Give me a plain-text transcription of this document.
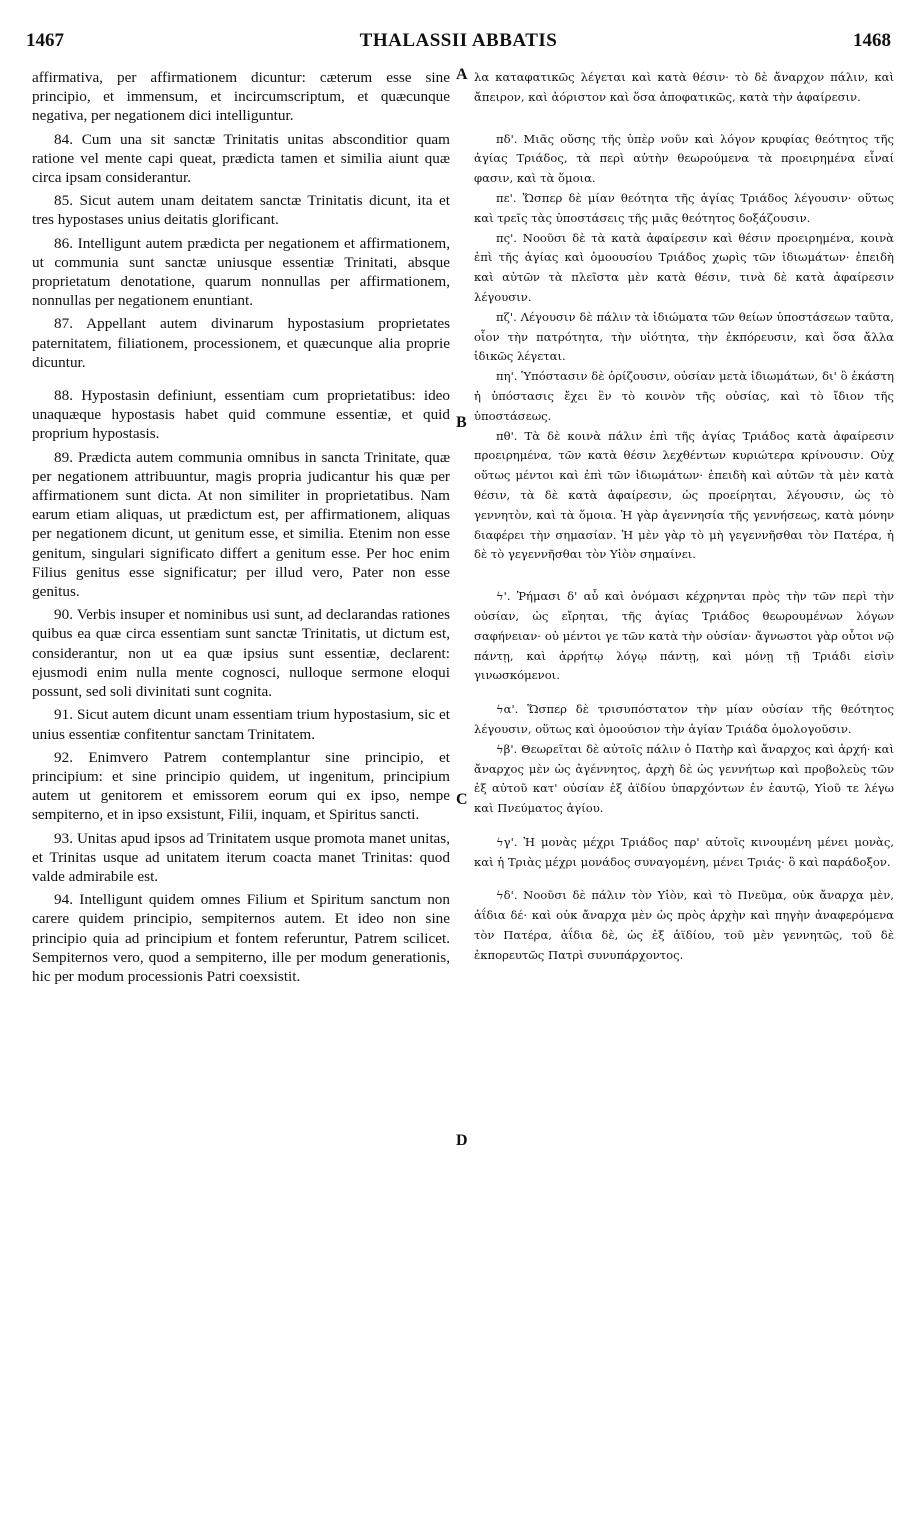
1467	THALASSII ABBATIS	1468

affirmativa, per affirmationem dicuntur: cæterum esse sine principio, et immensum, et incircumscriptum, et quæcunque negativa, per negationem dici intelliguntur.

84. Cum una sit sanctæ Trinitatis unitas absconditior quam ratione vel mente capi queat, prædicta tamen et similia aiunt quæ circa ipsam considerantur.

85. Sicut autem unam deitatem sanctæ Trinitatis dicunt, ita et tres hypostases unius deitatis glorificant.

86. Intelligunt autem prædicta per negationem et affirmationem, ut communia sunt sanctæ uniusque essentiæ Trinitati, absque proprietatum denotatione, quarum nonnullas per affirmationem, nonnullas per negationem enuntiant.

87. Appellant autem divinarum hypostasium proprietates paternitatem, filiationem, processionem, et quæcunque alia proprie dicuntur.

88. Hypostasin definiunt, essentiam cum proprietatibus: ideo unaquæque hypostasis habet quid commune essentiæ, et quid proprium hypostasis.

89. Prædicta autem communia omnibus in sancta Trinitate, quæ per negationem attribuuntur, magis propria judicantur his quæ per affirmationem sunt dicta. At non similiter in proprietatibus. Nam earum etiam aliquas, ut prædictum est, per affirmationem, aliquas per negationem dicunt, ut genitum esse, et similia. Etenim non esse genitum, singulari significato differt a genitum esse. Per hoc enim Filius genitus esse significatur; per illud vero, Pater non esse genitus.

90. Verbis insuper et nominibus usi sunt, ad declarandas rationes quibus ea quæ circa essentiam sunt sanctæ Trinitatis, ut dictum est, considerantur, non ut ea quæ ipsius sunt essentiæ, declarent: ejusmodi enim nulla mente cognosci, nulloque sermone eloqui possunt, sed soli divinitati sunt cognita.

91. Sicut autem dicunt unam essentiam trium hypostasium, sic et unius essentiæ confitentur sanctam Trinitatem.

92. Enimvero Patrem contemplantur sine principio, et principium: et sine principio quidem, ut ingenitum, principium autem ut genitorem et emissorem eorum qui ex ipso, nempe sempiterno, et in ipso exsistunt, Filii, inquam, et Spiritus sancti.

93. Unitas apud ipsos ad Trinitatem usque promota manet unitas, et Trinitas usque ad unitatem iterum coacta manet Trinitas: quod valde admirabile est.

94. Intelligunt quidem omnes Filium et Spiritum sanctum non carere quidem principio, sempiternos autem. Et ideo non sine principio quia ad principium et fontem referuntur, Patrem scilicet. Sempiternos vero, quod a sempiterno, ille per modum generationis, hic per modum processionis Patri coexsistit.

A
B
C
D

λα καταφατικῶς λέγεται καὶ κατὰ θέσιν· τὸ δὲ ἄναρχον πάλιν, καὶ ἄπειρον, καὶ ἀόριστον καὶ ὅσα ἀποφατικῶς, κατὰ τὴν ἀφαίρεσιν.

πδ'. Μιᾶς οὔσης τῆς ὑπὲρ νοῦν καὶ λόγον κρυφίας θεότητος τῆς ἁγίας Τριάδος, τὰ περὶ αὐτὴν θεωρούμενα τὰ προειρημένα εἶναί φασιν, καὶ τὰ ὅμοια.

πε'. Ὥσπερ δὲ μίαν θεότητα τῆς ἁγίας Τριάδος λέγουσιν· οὕτως καὶ τρεῖς τὰς ὑποστάσεις τῆς μιᾶς θεότητος δοξάζουσιν.

πς'. Νοοῦσι δὲ τὰ κατὰ ἀφαίρεσιν καὶ θέσιν προειρημένα, κοινὰ ἐπὶ τῆς ἁγίας καὶ ὁμοουσίου Τριάδος χωρὶς τῶν ἰδιωμάτων· ἐπειδὴ καὶ αὐτῶν τὰ πλεῖστα μὲν κατὰ θέσιν, τινὰ δὲ κατὰ ἀφαίρεσιν λέγουσιν.

πζ'. Λέγουσιν δὲ πάλιν τὰ ἰδιώματα τῶν θείων ὑποστάσεων ταῦτα, οἷον τὴν πατρότητα, τὴν υἱότητα, τὴν ἐκπόρευσιν, καὶ ὅσα ἄλλα ἰδικῶς λέγεται.

πη'. Ὑπόστασιν δὲ ὁρίζουσιν, οὐσίαν μετὰ ἰδιωμάτων, δι' ὃ ἑκάστη ἡ ὑπόστασις ἔχει ἓν τὸ κοινὸν τῆς οὐσίας, καὶ τὸ ἴδιον τῆς ὑποστάσεως.

πθ'. Τὰ δὲ κοινὰ πάλιν ἐπὶ τῆς ἁγίας Τριάδος κατὰ ἀφαίρεσιν προειρημένα, τῶν κατὰ θέσιν λεχθέντων κυριώτερα κρίνουσιν. Οὐχ οὕτως μέντοι καὶ ἐπὶ τῶν ἰδιωμάτων· ἐπειδὴ καὶ αὐτῶν τὰ μὲν κατὰ θέσιν, τὰ δὲ κατὰ ἀφαίρεσιν, ὡς προείρηται, λέγουσιν, ὡς τὸ γεννητὸν, καὶ τὰ ὅμοια. Ἡ γὰρ ἀγεννησία τῆς γεννήσεως, κατὰ μόνην διαφέρει τὴν σημασίαν. Ἡ μὲν γὰρ τὸ μὴ γεγεννῆσθαι τὸν Πατέρα, ἡ δὲ τὸ γεγεννῆσθαι τὸν Υἱὸν σημαίνει.

ϟ'. Ῥήμασι δ' αὖ καὶ ὀνόμασι κέχρηνται πρὸς τὴν τῶν περὶ τὴν οὐσίαν, ὡς εἴρηται, τῆς ἁγίας Τριάδος θεωρουμένων λόγων σαφήνειαν· οὐ μέντοι γε τῶν κατὰ τὴν οὐσίαν· ἄγνωστοι γὰρ οὗτοι νῷ πάντῃ, καὶ ἀρρήτῳ λόγῳ πάντῃ, καὶ μόνῃ τῇ Τριάδι εἰσὶν γινωσκόμενοι.

ϟα'. Ὥσπερ δὲ τρισυπόστατον τὴν μίαν οὐσίαν τῆς θεότητος λέγουσιν, οὕτως καὶ ὁμοούσιον τὴν ἁγίαν Τριάδα ὁμολογοῦσιν.

ϟβ'. Θεωρεῖται δὲ αὐτοῖς πάλιν ὁ Πατὴρ καὶ ἄναρχος καὶ ἀρχή· καὶ ἄναρχος μὲν ὡς ἀγέννητος, ἀρχὴ δὲ ὡς γεννήτωρ καὶ προβολεὺς τῶν ἐξ αὐτοῦ κατ' οὐσίαν ἐξ ἀϊδίου ὑπαρχόντων ἐν ἑαυτῷ, Υἱοῦ τε λέγω καὶ Πνεύματος ἁγίου.

ϟγ'. Ἡ μονὰς μέχρι Τριάδος παρ' αὐτοῖς κινουμένη μένει μονὰς, καὶ ἡ Τριὰς μέχρι μονάδος συναγομένη, μένει Τριάς· ὃ καὶ παράδοξον.

ϟδ'. Νοοῦσι δὲ πάλιν τὸν Υἱὸν, καὶ τὸ Πνεῦμα, οὐκ ἄναρχα μὲν, ἀΐδια δέ· καὶ οὐκ ἄναρχα μὲν ὡς πρὸς ἀρχὴν καὶ πηγὴν ἀναφερόμενα τὸν Πατέρα, ἀΐδια δὲ, ὡς ἐξ ἀϊδίου, τοῦ μὲν γεννητῶς, τοῦ δὲ ἐκπορευτῶς Πατρὶ συνυπάρχοντος.
